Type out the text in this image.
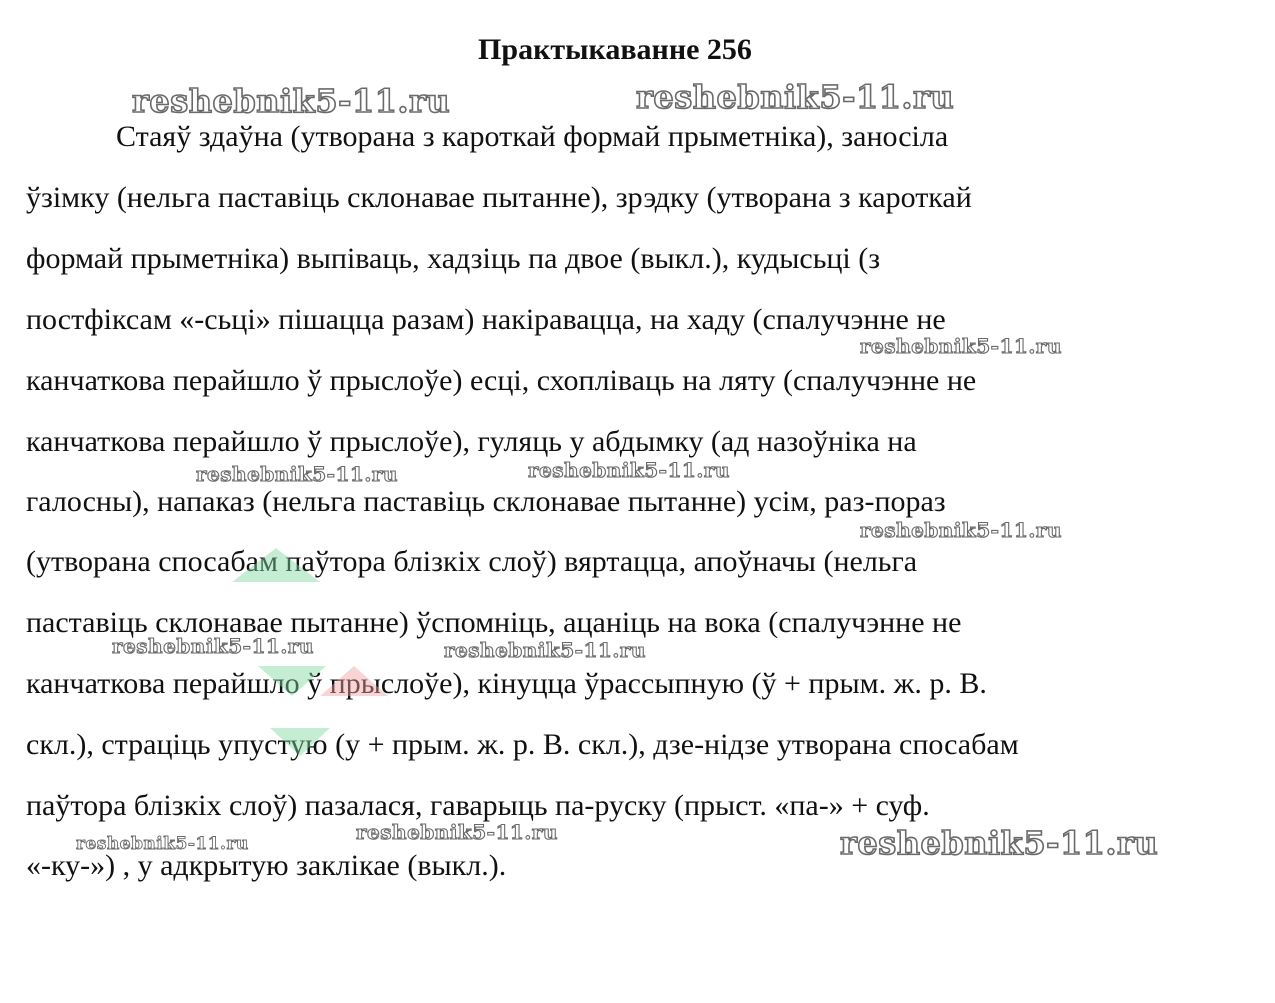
Практыкаванне 256
Стаяў здаўна (утворана з кароткай формай прыметніка), заносіла
ўзімку (нельга паставіць склонавае пытанне), зрэдку (утворана з кароткай
формай прыметніка) выпіваць, хадзіць па двое (выкл.), кудысьці (з
постфіксам «-сьці» пішацца разам) накіравацца, на хаду (спалучэнне не
канчаткова перайшло ў прыслоўе) есці, схопліваць на ляту (спалучэнне не
канчаткова перайшло ў прыслоўе), гуляць у абдымку (ад назоўніка на
галосны), напаказ (нельга паставіць склонавае пытанне) усім, раз-пораз
(утворана спосабам паўтора блізкіх слоў) вяртацца, апоўначы (нельга
паставіць склонавае пытанне) ўспомніць, ацаніць на вока (спалучэнне не
канчаткова перайшло ў прыслоўе), кінуцца ўрассыпную (ў + прым. ж. р. В.
скл.), страціць упустую (у + прым. ж. р. В. скл.), дзе-нідзе утворана спосабам
паўтора блізкіх слоў) пазалася, гаварыць па-руску (прыст. «па-» + суф.
«-ку-») , у адкрытую заклікае (выкл.).
reshebnik5-11.ru	reshebnik5-11.ru
reshebnik5-11.ru
reshebnik5-11.ru	reshebnik5-11.ru
reshebnik5-11.ru
reshebnik5-11.ru	reshebnik5-11.ru
reshebnik5-11.ru	reshebnik5-11.ru	reshebnik5-11.ru
